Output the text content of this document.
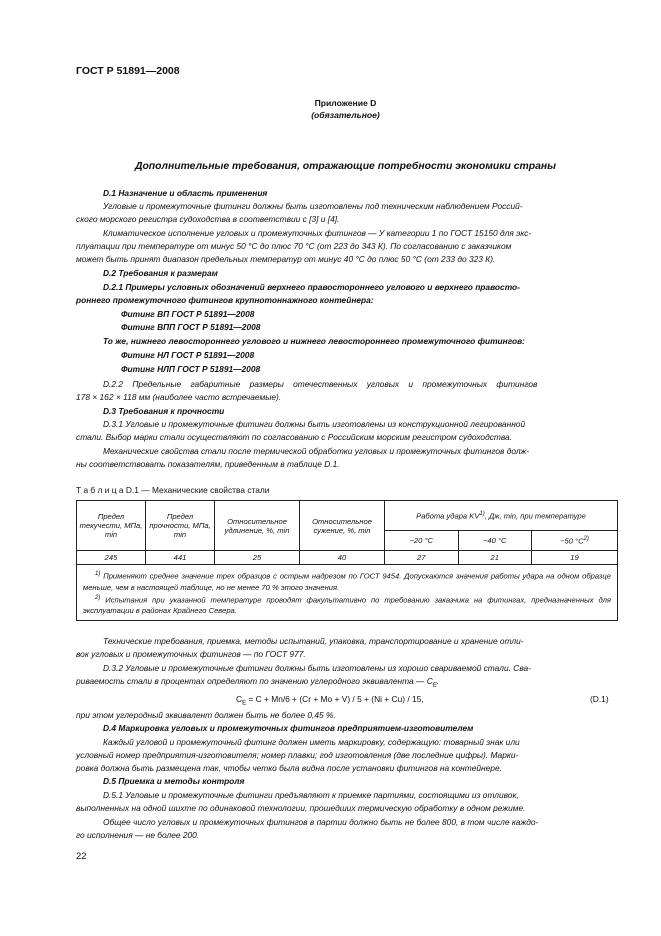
ГОСТ Р 51891—2008
Приложение D
(обязательное)
Дополнительные требования, отражающие потребности экономики страны
D.1 Назначение и область применения
Угловые и промежуточные фитинги должны быть изготовлены под техническим наблюдением Россий-
ского морского регистра судоходства в соответствии с [3] и [4].
Климатическое исполнение угловых и промежуточных фитингов — У категории 1 по ГОСТ 15150 для экс-
плуатации при температуре от минус 50 °С до плюс 70 °С (от 223 до 343 К). По согласованию с заказчиком
может быть принят диапазон предельных температур от минус 40 °С до плюс 50 °С (от 233 до 323 К).
D.2 Требования к размерам
D.2.1 Примеры условных обозначений верхнего правостороннего углового и верхнего правосто-
роннего промежуточного фитингов крупнотоннажного контейнера:
Фитинг ВП ГОСТ Р 51891—2008
Фитинг ВПП ГОСТ Р 51891—2008
То же, нижнего левостороннего углового и нижнего левостороннего промежуточного фитингов:
Фитинг НЛ ГОСТ Р 51891—2008
Фитинг НЛП ГОСТ Р 51891—2008
D.2.2 Предельные габаритные размеры отечественных угловых и промежуточных фитингов
178 × 162 × 118 мм (наиболее часто встречаемые).
D.3 Требования к прочности
D.3.1 Угловые и промежуточные фитинги должны быть изготовлены из конструкционной легированной
стали. Выбор марки стали осуществляют по согласованию с Российским морским регистром судоходства.
Механические свойства стали после термической обработки угловых и промежуточных фитингов долж-
ны соответствовать показателям, приведенным в таблице D.1.
Т а б л и ц а D.1 — Механические свойства стали
Предел текучести, МПа, min	Предел прочности, МПа, min	Относительное удлинение, %, min	Относительное сужение, %, min	Работа удара KV$^{1)}$, Дж, min, при температуре		
				−20 °С	−40 °С	−50 $^\circ С^{2)}$
245	441	25	40	27	21	19

$^{1)}$ Применяют среднее значение трех образцов с острым надрезом по ГОСТ 9454. Допускаются значения работы удара на одном образце меньше, чем в настоящей таблице, но не менее 70 % этого значения.
$^{2)}$ Испытания при указанной температуре проводят факультативно по требованию заказчика на фитингах, предназначенных для эксплуатации в районах Крайнего Севера.						
Технические требования, приемка, методы испытаний, упаковка, транспортирование и хранение отли-
вок угловых и промежуточных фитингов — по ГОСТ 977.
D.3.2 Угловые и промежуточные фитинги должны быть изготовлены из хорошо свариваемой стали. Сва-
риваемость стали в процентах определяют по значению углеродного эквивалента — $C_E$.
$C_E = C + Mn/6 + (Cr + Mo + V) / 5 + (Ni + Cu) / 15$,	(D.1)
при этом углеродный эквивалент должен быть не более 0,45 %.
D.4 Маркировка угловых и промежуточных фитингов предприятием-изготовителем
Каждый угловой и промежуточный фитинг должен иметь маркировку, содержащую: товарный знак или
условный номер предприятия-изготовителя; номер плавки; год изготовления (две последние цифры). Марки-
ровка должна быть размещена так, чтобы четко была видна после установки фитингов на контейнере.
D.5 Приемка и методы контроля
D.5.1 Угловые и промежуточные фитинги предъявляют к приемке партиями, состоящими из отливок,
выполненных на одной шихте по одинаковой технологии, прошедших термическую обработку в одном режиме.
Общее число угловых и промежуточных фитингов в партии должно быть не более 800, в том числе каждо-
го исполнения — не более 200.
22
